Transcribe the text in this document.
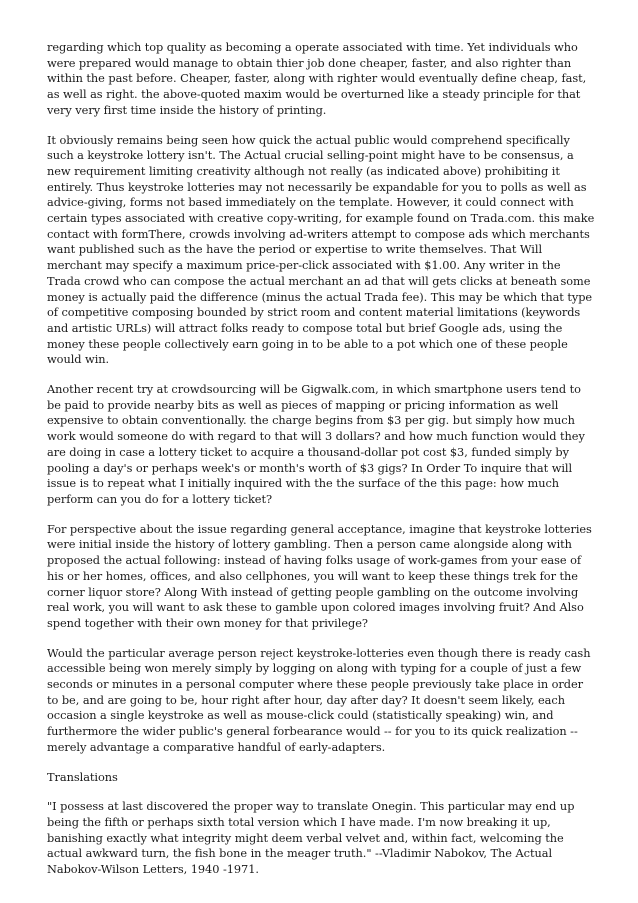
regarding which top quality as becoming a operate associated with time. Yet individuals who were prepared would manage to obtain thier job done cheaper, faster, and also righter than within the past before. Cheaper, faster, along with righter would eventually define cheap, fast, as well as right. the above-quoted maxim would be overturned like a steady principle for that very very first time inside the history of printing.

It obviously remains being seen how quick the actual public would comprehend specifically such a keystroke lottery isn't. The Actual crucial selling-point might have to be consensus, a new requirement limiting creativity although not really (as indicated above) prohibiting it entirely. Thus keystroke lotteries may not necessarily be expandable for you to polls as well as advice-giving, forms not based immediately on the template. However, it could connect with certain types associated with creative copy-writing, for example found on Trada.com. this make contact with formThere, crowds involving ad-writers attempt to compose ads which merchants want published such as the have the period or expertise to write themselves. That Will merchant may specify a maximum price-per-click associated with $1.00. Any writer in the Trada crowd who can compose the actual merchant an ad that will gets clicks at beneath some money is actually paid the difference (minus the actual Trada fee). This may be which that type of competitive composing bounded by strict room and content material limitations (keywords and artistic URLs) will attract folks ready to compose total but brief Google ads, using the money these people collectively earn going in to be able to a pot which one of these people would win.

Another recent try at crowdsourcing will be Gigwalk.com, in which smartphone users tend to be paid to provide nearby bits as well as pieces of mapping or pricing information as well expensive to obtain conventionally. the charge begins from $3 per gig. but simply how much work would someone do with regard to that will 3 dollars? and how much function would they are doing in case a lottery ticket to acquire a thousand-dollar pot cost $3, funded simply by pooling a day's or perhaps week's or month's worth of $3 gigs? In Order To inquire that will issue is to repeat what I initially inquired with the the surface of the this page: how much perform can you do for a lottery ticket?

For perspective about the issue regarding general acceptance, imagine that keystroke lotteries were initial inside the history of lottery gambling. Then a person came alongside along with proposed the actual following: instead of having folks usage of work-games from your ease of his or her homes, offices, and also cellphones, you will want to keep these things trek for the corner liquor store? Along With instead of getting people gambling on the outcome involving real work, you will want to ask these to gamble upon colored images involving fruit? And Also spend together with their own money for that privilege?

Would the particular average person reject keystroke-lotteries even though there is ready cash accessible being won merely simply by logging on along with typing for a couple of just a few seconds or minutes in a personal computer where these people previously take place in order to be, and are going to be, hour right after hour, day after day? It doesn't seem likely, each occasion a single keystroke as well as mouse-click could (statistically speaking) win, and furthermore the wider public's general forbearance would -- for you to its quick realization -- merely advantage a comparative handful of early-adapters.

Translations

"I possess at last discovered the proper way to translate Onegin. This particular may end up being the fifth or perhaps sixth total version which I have made. I'm now breaking it up, banishing exactly what integrity might deem verbal velvet and, within fact, welcoming the actual awkward turn, the fish bone in the meager truth." --Vladimir Nabokov, The Actual Nabokov-Wilson Letters, 1940 -1971.
